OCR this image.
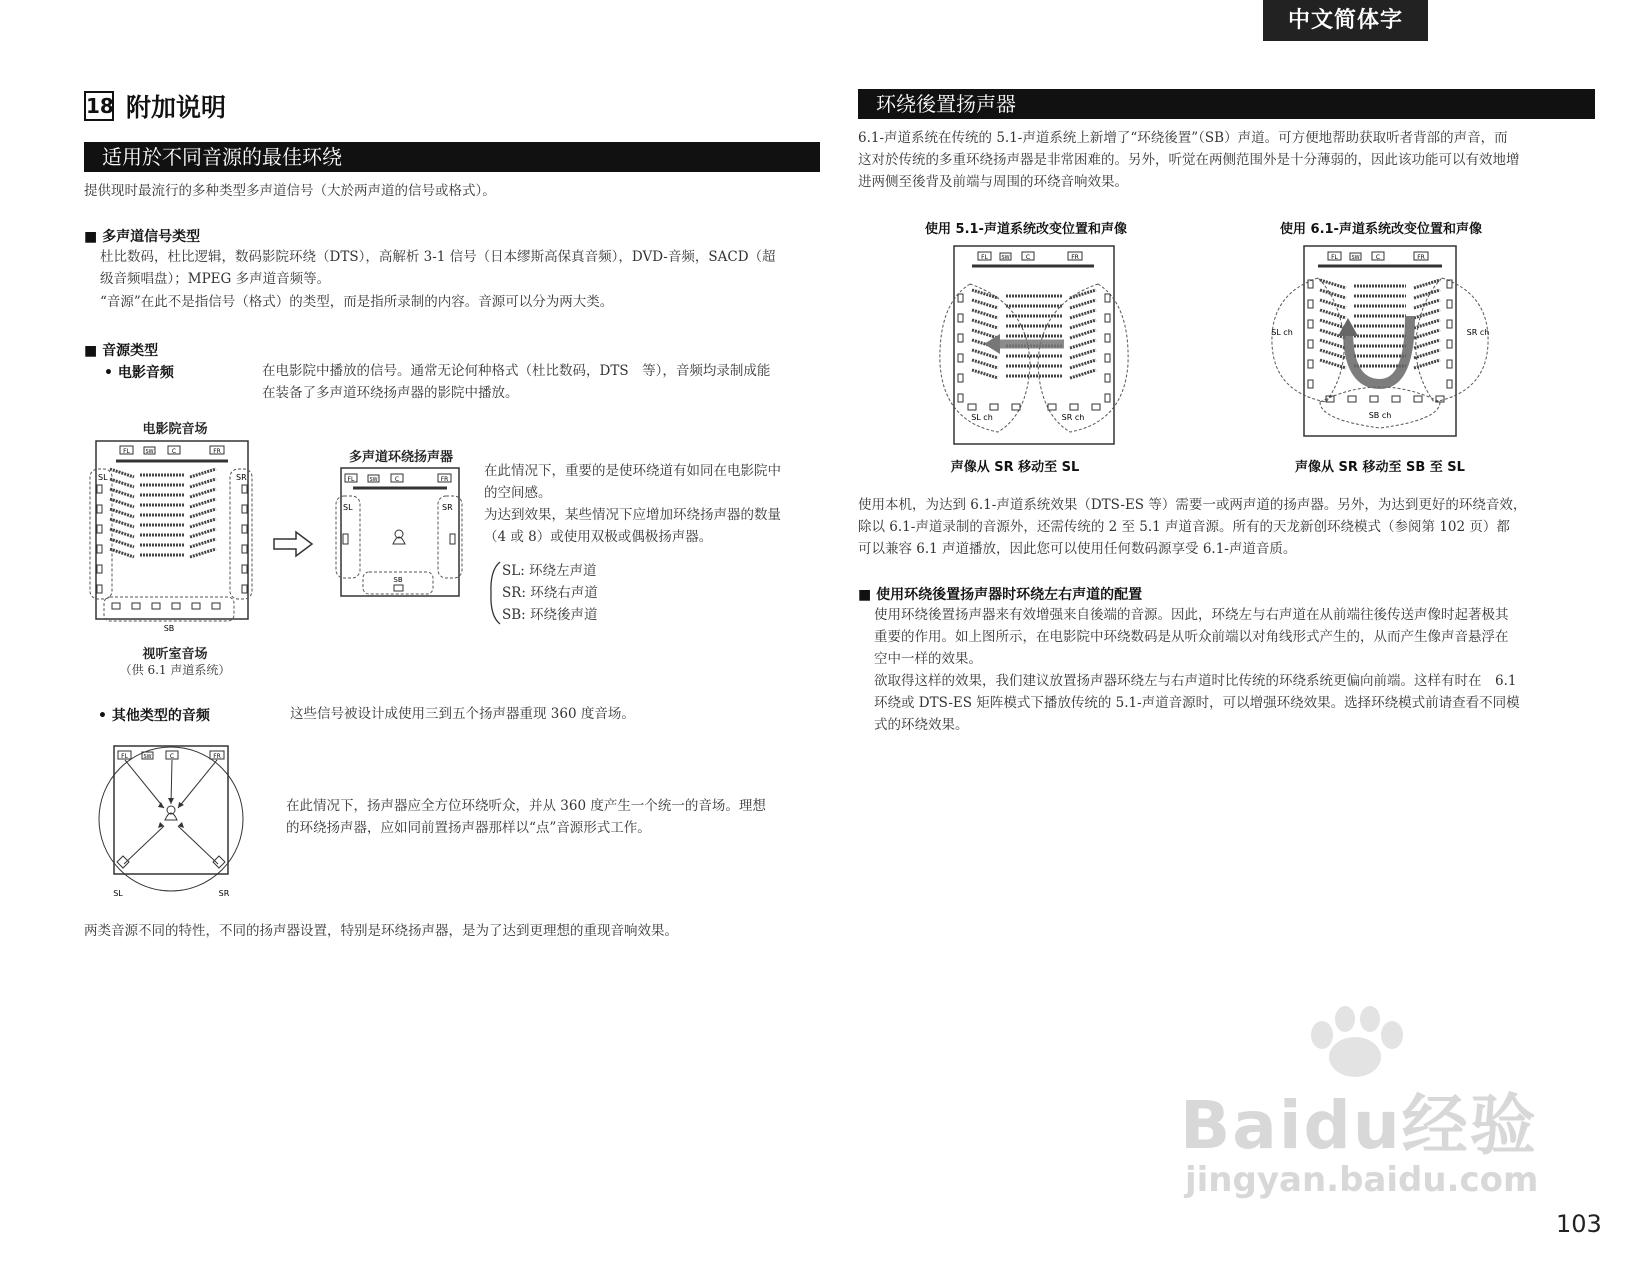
中文简体字
18 附加说明
适用於不同音源的最佳环绕
提供现时最流行的多种类型多声道信号（大於两声道的信号或格式）。
■ 多声道信号类型
杜比数码，杜比逻辑，数码影院环绕（DTS），高解析 3-1 信号（日本缪斯高保真音频），DVD-音频，SACD（超
级音频唱盘）；MPEG 多声道音频等。
“音源”在此不是指信号（格式）的类型，而是指所录制的内容。音源可以分为两大类。
■ 音源类型
• 电影音频	在电影院中播放的信号。通常无论何种格式（杜比数码，DTS　等），音频均录制成能
在装备了多声道环绕扬声器的影院中播放。
电影院音场
FL	SW	C	FR
SL	SR
SB
视听室音场
（供 6.1 声道系统）
多声道环绕扬声器
FL	SW	C	FR
SL	SR
SB
在此情况下，重要的是使环绕道有如同在电影院中
的空间感。
为达到效果，某些情况下应增加环绕扬声器的数量
（4 或 8）或使用双极或偶极扬声器。
SL: 环绕左声道
SR: 环绕右声道
SB: 环绕後声道
• 其他类型的音频	这些信号被设计成使用三到五个扬声器重现 360 度音场。
FL	SW	C	FR
SL	SR
在此情况下，扬声器应全方位环绕听众，并从 360 度产生一个统一的音场。理想
的环绕扬声器，应如同前置扬声器那样以“点”音源形式工作。
两类音源不同的特性，不同的扬声器设置，特别是环绕扬声器，是为了达到更理想的重现音响效果。
环绕後置扬声器
6.1-声道系统在传统的 5.1-声道系统上新增了“环绕後置”（SB）声道。可方便地帮助获取听者背部的声音，而
这对於传统的多重环绕扬声器是非常困难的。另外，听觉在两侧范围外是十分薄弱的，因此该功能可以有效地增
进两侧至後背及前端与周围的环绕音响效果。
使用 5.1-声道系统改变位置和声像
FL	SW	C	FR
SL ch	SR ch
声像从 SR 移动至 SL
使用 6.1-声道系统改变位置和声像
FL	SW	C	FR
SL ch	SR ch
SB ch
声像从 SR 移动至 SB 至 SL
使用本机，为达到 6.1-声道系统效果（DTS-ES 等）需要一或两声道的扬声器。另外，为达到更好的环绕音效，
除以 6.1-声道录制的音源外，还需传统的 2 至 5.1 声道音源。所有的天龙新创环绕模式（参阅第 102 页）都
可以兼容 6.1 声道播放，因此您可以使用任何数码源享受 6.1-声道音质。
■ 使用环绕後置扬声器时环绕左右声道的配置
使用环绕後置扬声器来有效增强来自後端的音源。因此，环绕左与右声道在从前端往後传送声像时起著极其
重要的作用。如上图所示，在电影院中环绕数码是从听众前端以对角线形式产生的，从而产生像声音悬浮在
空中一样的效果。
欲取得这样的效果，我们建议放置扬声器环绕左与右声道时比传统的环绕系统更偏向前端。这样有时在　6.1
环绕或 DTS-ES 矩阵模式下播放传统的 5.1-声道音源时，可以增强环绕效果。选择环绕模式前请查看不同模
式的环绕效果。
Baidu经验
jingyan.baidu.com
103
